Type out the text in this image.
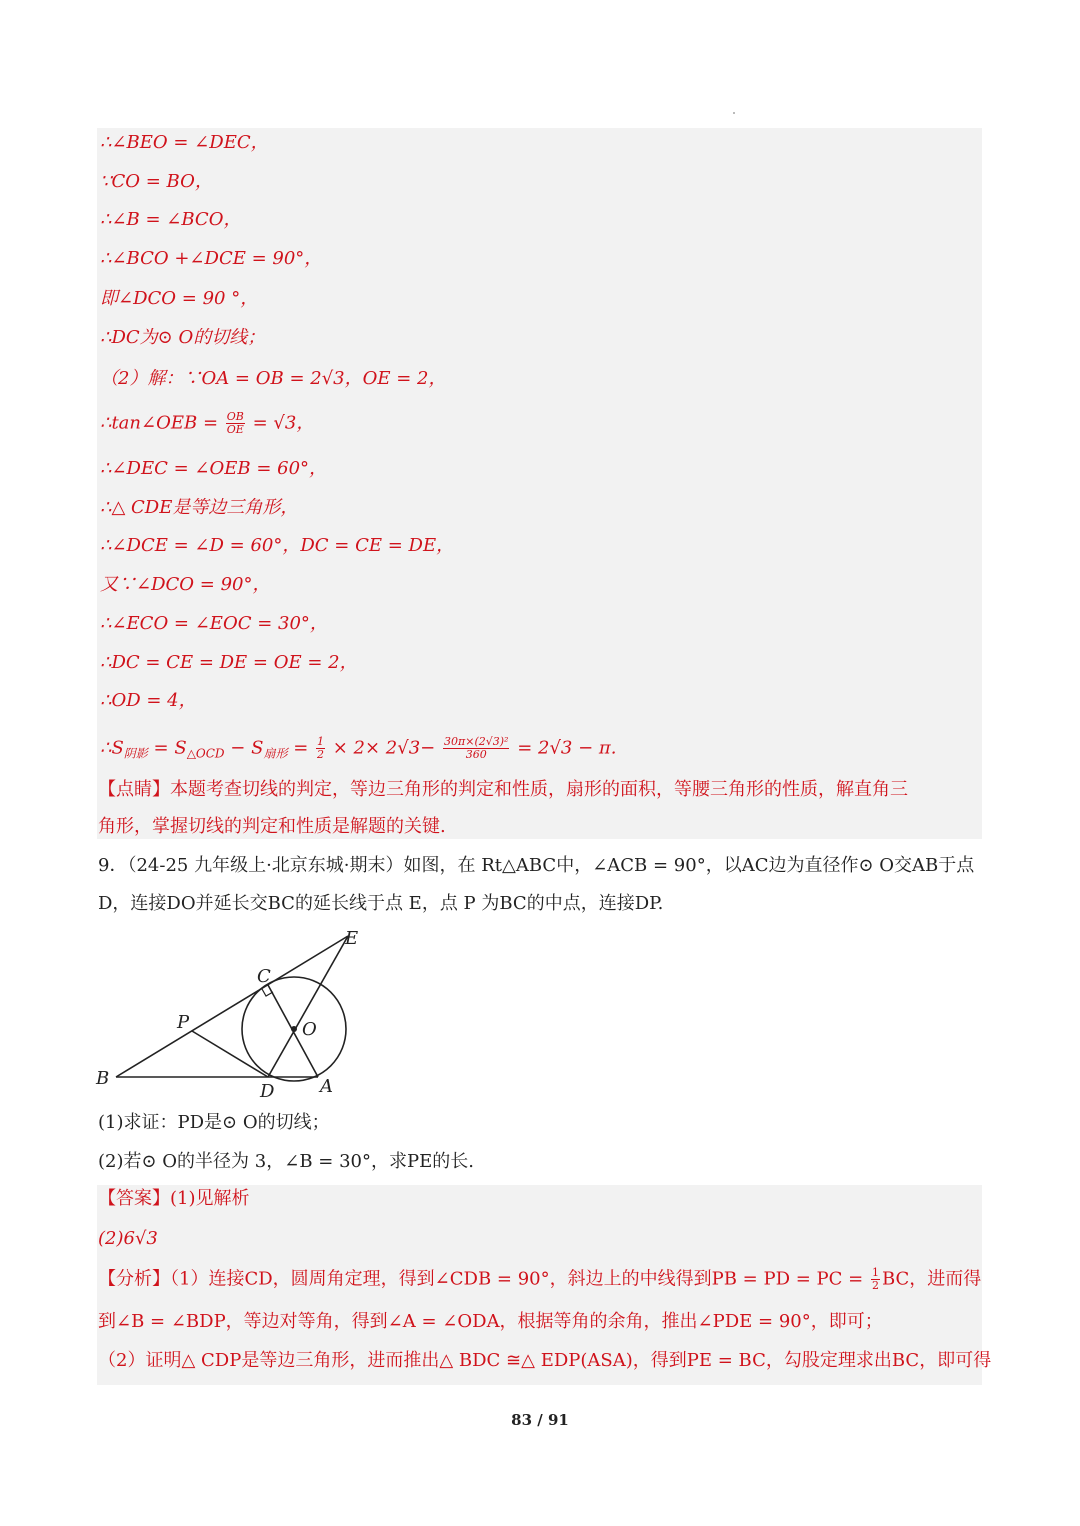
∴∠BEO = ∠DEC，
∵CO = BO，
∴∠B = ∠BCO，
∴∠BCO +∠DCE = 90°，
即∠DCO = 90 °，
∴DC为⊙ O的切线；
（2）解：∵OA = OB = 2√3，OE = 2，
∴tan∠OEB = $\frac{OB}{OE} = √3$，
∴∠DEC = ∠OEB = 60°，
∴△ CDE是等边三角形，
∴∠DCE = ∠D = 60°，DC = CE = DE，
又∵∠DCO = 90°，
∴∠ECO = ∠EOC = 30°，
∴DC = CE = DE = OE = 2，
∴OD = 4，
$\therefore S_{阴影} = S_{\triangle OCD} - S_{扇形} = \frac{1}{2} \times 2\times 2√3- \frac{\text{30π×(2√3)²}}{360} = 2√3 - \pi$.
【点睛】本题考查切线的判定，等边三角形的判定和性质，扇形的面积，等腰三角形的性质，解直角三
角形，掌握切线的判定和性质是解题的关键.
9．（24-25 九年级上·北京东城·期末）如图，在 Rt△ABC中，∠ACB = 90°，以AC边为直径作⊙ O交AB于点
D，连接DO并延长交BC的延长线于点 E，点 P 为BC的中点，连接DP.
B
C
E
P	O
D	A
(1)求证：PD是⊙ O的切线；
(2)若⊙ O的半径为 3，∠B = 30°，求PE的长.
【答案】(1)见解析
(2)6√3
【分析】（1）连接CD，圆周角定理，得到∠CDB = 90°，斜边上的中线得到PB = PD = PC = $\frac{1}{2}$ BC，进而得
到∠B = ∠BDP，等边对等角，得到∠A = ∠ODA，根据等角的余角，推出∠PDE = 90°，即可；
（2）证明△ CDP是等边三角形，进而推出△ BDC ≅△ EDP(ASA)，得到PE = BC，勾股定理求出BC，即可得
83 / 91
